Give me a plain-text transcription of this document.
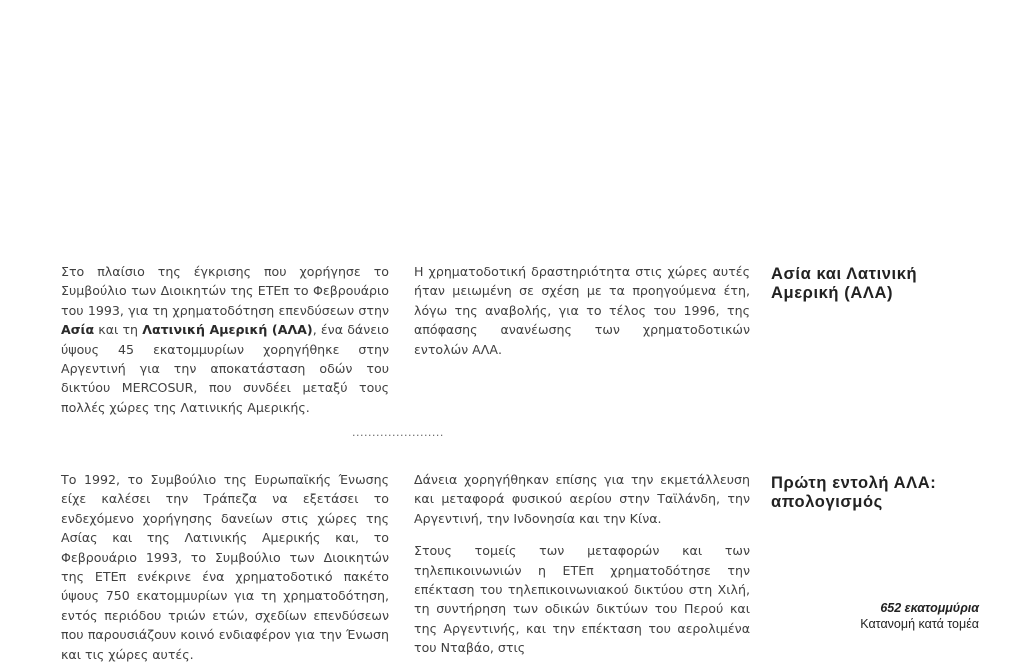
Στο πλαίσιο της έγκρισης που χορήγησε το Συμβούλιο των Διοικητών της ΕΤΕπ το Φεβρουάριο του 1993, για τη χρηματοδότηση επενδύσεων στην Ασία και τη Λατινική Αμερική (ΑΛΑ), ένα δάνειο ύψους 45 εκατομμυρίων χορηγήθηκε στην Αργεντινή για την αποκατάσταση οδών του δικτύου MERCOSUR, που συνδέει μεταξύ τους πολλές χώρες της Λατινικής Αμερικής.

Η χρηματοδοτική δραστηριότητα στις χώρες αυτές ήταν μειωμένη σε σχέση με τα προηγούμενα έτη, λόγω της αναβολής, για το τέλος του 1996, της απόφασης ανανέωσης των χρηματοδοτικών εντολών ΑΛΑ.

Ασία και Λατινική Αμερική (ΑΛΑ)
.......................

Το 1992, το Συμβούλιο της Ευρωπαϊκής Ένωσης είχε καλέσει την Τράπεζα να εξετάσει το ενδεχόμενο χορήγησης δανείων στις χώρες της Ασίας και της Λατινικής Αμερικής και, το Φεβρουάριο 1993, το Συμβούλιο των Διοικητών της ΕΤΕπ ενέκρινε ένα χρηματοδοτικό πακέτο ύψους 750 εκατομμυρίων για τη χρηματοδότηση, εντός περιόδου τριών ετών, σχεδίων επενδύσεων που παρουσιάζουν κοινό ενδιαφέρον για την Ένωση και τις χώρες αυτές.

Δάνεια χορηγήθηκαν επίσης για την εκμετάλλευση και μεταφορά φυσικού αερίου στην Ταϊλάνδη, την Αργεντινή, την Ινδονησία και την Κίνα.

Στους τομείς των μεταφορών και των τηλεπικοινωνιών η ΕΤΕπ χρηματοδότησε την επέκταση του τηλεπικοινωνιακού δικτύου στη Χιλή, τη συντήρηση των οδικών δικτύων του Περού και της Αργεντινής, και την επέκταση του αερολιμένα του Νταβάο, στις

Πρώτη εντολή ΑΛΑ: απολογισμός
652 εκατομμύρια
Κατανομή κατά τομέα
